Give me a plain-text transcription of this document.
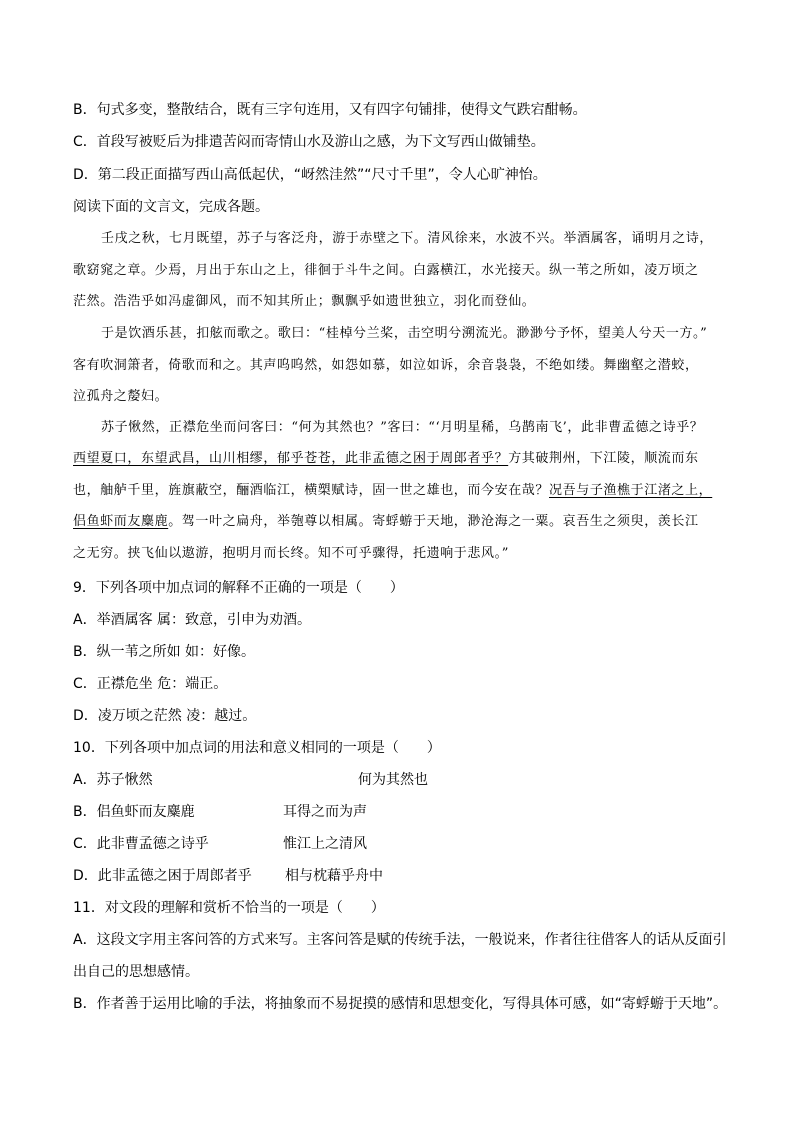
B．句式多变，整散结合，既有三字句连用，又有四字句铺排，使得文气跌宕酣畅。
C．首段写被贬后为排遣苦闷而寄情山水及游山之感，为下文写西山做铺垫。
D．第二段正面描写西山高低起伏，“岈然洼然”“尺寸千里”，令人心旷神怡。
阅读下面的文言文，完成各题。
壬戌之秋，七月既望，苏子与客泛舟，游于赤壁之下。清风徐来，水波不兴。举酒属客，诵明月之诗，
歌窈窕之章。少焉，月出于东山之上，徘徊于斗牛之间。白露横江，水光接天。纵一苇之所如，凌万顷之
茫然。浩浩乎如冯虚御风，而不知其所止；飘飘乎如遗世独立，羽化而登仙。
于是饮酒乐甚，扣舷而歌之。歌曰：“桂棹兮兰桨，击空明兮溯流光。渺渺兮予怀，望美人兮天一方。”
客有吹洞箫者，倚歌而和之。其声呜呜然，如怨如慕，如泣如诉，余音袅袅，不绝如缕。舞幽壑之潜蛟，
泣孤舟之嫠妇。
苏子愀然，正襟危坐而问客曰：“何为其然也？”客曰：“‘月明星稀，乌鹊南飞’，此非曹孟德之诗乎？
西望夏口，东望武昌，山川相缪，郁乎苍苍，此非孟德之困于周郎者乎？方其破荆州，下江陵，顺流而东
也，舳舻千里，旌旗蔽空，酾酒临江，横槊赋诗，固一世之雄也，而今安在哉？况吾与子渔樵于江渚之上，
侣鱼虾而友麋鹿。驾一叶之扁舟，举匏尊以相属。寄蜉蝣于天地，渺沧海之一粟。哀吾生之须臾，羡长江
之无穷。挟飞仙以遨游，抱明月而长终。知不可乎骤得，托遗响于悲风。”
9．下列各项中加点词的解释不正确的一项是（　　）
A．举酒属客 属：致意，引申为劝酒。
B．纵一苇之所如 如：好像。
C．正襟危坐 危：端正。
D．凌万顷之茫然 凌：越过。
10．下列各项中加点词的用法和意义相同的一项是（　　）
A．苏子愀然	何为其然也
B．侣鱼虾而友麋鹿	耳得之而为声
C．此非曹孟德之诗乎	惟江上之清风
D．此非孟德之困于周郎者乎 相与枕藉乎舟中
11．对文段的理解和赏析不恰当的一项是（　　）
A．这段文字用主客问答的方式来写。主客问答是赋的传统手法，一般说来，作者往往借客人的话从反面引
出自己的思想感情。
B．作者善于运用比喻的手法，将抽象而不易捉摸的感情和思想变化，写得具体可感，如“寄蜉蝣于天地”。
